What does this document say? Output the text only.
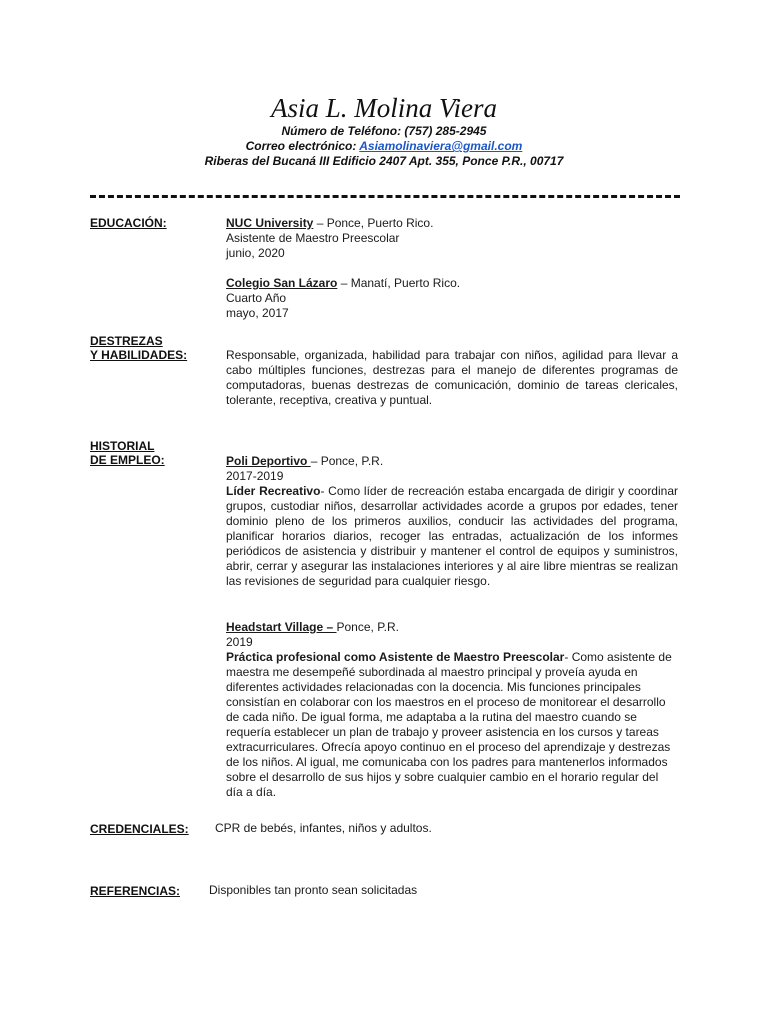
Asia L. Molina Viera
Número de Teléfono: (757) 285-2945
Correo electrónico: Asiamolinaviera@gmail.com
Riberas del Bucaná III Edificio 2407 Apt. 355, Ponce P.R., 00717
EDUCACIÓN:	NUC University – Ponce, Puerto Rico.
Asistente de Maestro Preescolar
junio, 2020
Colegio San Lázaro – Manatí, Puerto Rico.
Cuarto Año
mayo, 2017
DESTREZAS
Y HABILIDADES:	Responsable, organizada, habilidad para trabajar con niños, agilidad para llevar a cabo múltiples funciones, destrezas para el manejo de diferentes programas de computadoras, buenas destrezas de comunicación, dominio de tareas clericales, tolerante, receptiva, creativa y puntual.
HISTORIAL
DE EMPLEO:	Poli Deportivo – Ponce, P.R.
2017-2019
Líder Recreativo- Como líder de recreación estaba encargada de dirigir y coordinar grupos, custodiar niños, desarrollar actividades acorde a grupos por edades, tener dominio pleno de los primeros auxilios, conducir las actividades del programa, planificar horarios diarios, recoger las entradas, actualización de los informes periódicos de asistencia y distribuir y mantener el control de equipos y suministros, abrir, cerrar y asegurar las instalaciones interiores y al aire libre mientras se realizan las revisiones de seguridad para cualquier riesgo.
Headstart Village – Ponce, P.R.
2019
Práctica profesional como Asistente de Maestro Preescolar- Como asistente de maestra me desempeñé subordinada al maestro principal y proveía ayuda en diferentes actividades relacionadas con la docencia. Mis funciones principales consistían en colaborar con los maestros en el proceso de monitorear el desarrollo de cada niño. De igual forma, me adaptaba a la rutina del maestro cuando se requería establecer un plan de trabajo y proveer asistencia en los cursos y tareas extracurriculares. Ofrecía apoyo continuo en el proceso del aprendizaje y destrezas de los niños. Al igual, me comunicaba con los padres para mantenerlos informados sobre el desarrollo de sus hijos y sobre cualquier cambio en el horario regular del día a día.
CREDENCIALES: CPR de bebés, infantes, niños y adultos.
REFERENCIAS: Disponibles tan pronto sean solicitadas
